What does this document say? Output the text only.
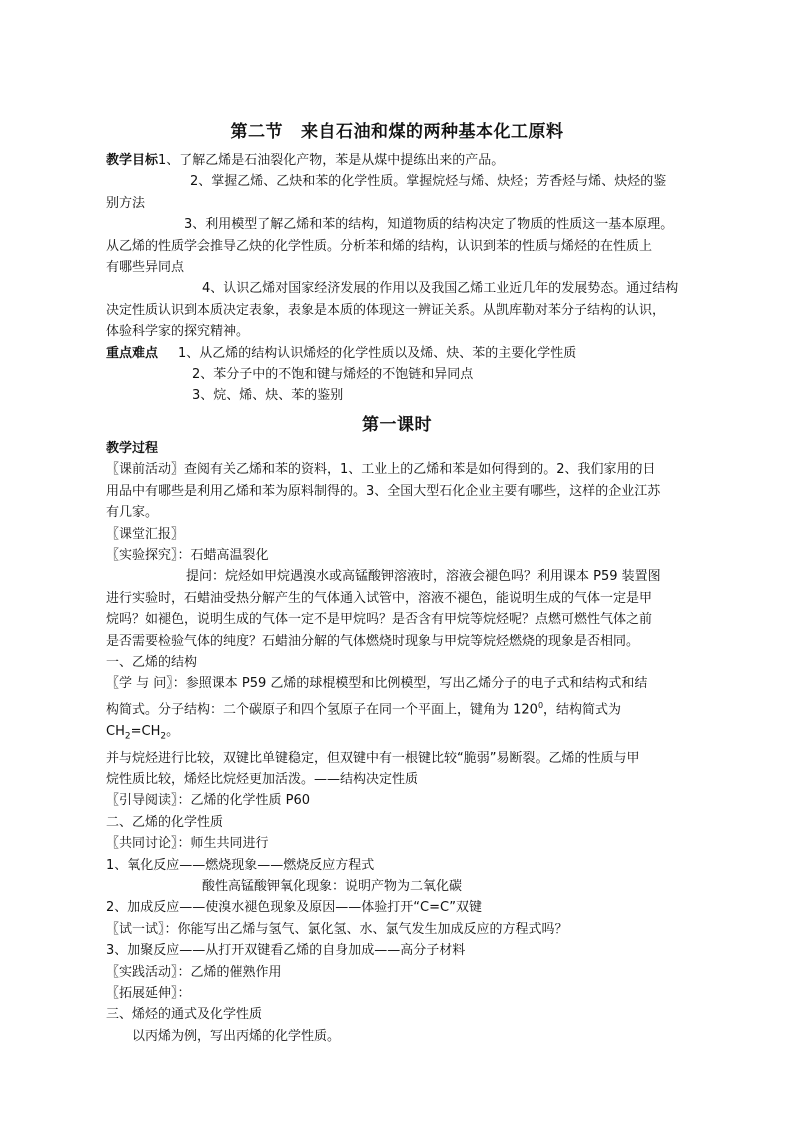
第二节 来自石油和煤的两种基本化工原料

教学目标1、了解乙烯是石油裂化产物，苯是从煤中提练出来的产品。

2、掌握乙烯、乙炔和苯的化学性质。掌握烷烃与烯、炔烃；芳香烃与烯、炔烃的鉴

别方法

3、利用模型了解乙烯和苯的结构，知道物质的结构决定了物质的性质这一基本原理。

从乙烯的性质学会推导乙炔的化学性质。分析苯和烯的结构，认识到苯的性质与烯烃的在性质上

有哪些异同点

4、认识乙烯对国家经济发展的作用以及我国乙烯工业近几年的发展势态。通过结构

决定性质认识到本质决定表象，表象是本质的体现这一辨证关系。从凯库勒对苯分子结构的认识，

体验科学家的探究精神。

重点难点 1、从乙烯的结构认识烯烃的化学性质以及烯、炔、苯的主要化学性质

2、苯分子中的不饱和键与烯烃的不饱链和异同点

3、烷、烯、炔、苯的鉴别

第一课时

教学过程

〖课前活动〗查阅有关乙烯和苯的资料，1、工业上的乙烯和苯是如何得到的。2、我们家用的日

用品中有哪些是利用乙烯和苯为原料制得的。3、全国大型石化企业主要有哪些，这样的企业江苏

有几家。

〖课堂汇报〗

〖实验探究〗：石蜡高温裂化

提问：烷烃如甲烷遇溴水或高锰酸钾溶液时，溶液会褪色吗？利用课本 P59 装置图

进行实验时，石蜡油受热分解产生的气体通入试管中，溶液不褪色，能说明生成的气体一定是甲

烷吗？如褪色，说明生成的气体一定不是甲烷吗？是否含有甲烷等烷烃呢？点燃可燃性气体之前

是否需要检验气体的纯度？石蜡油分解的气体燃烧时现象与甲烷等烷烃燃烧的现象是否相同。

一、乙烯的结构

〖学 与 问〗：参照课本 P59 乙烯的球棍模型和比例模型，写出乙烯分子的电子式和结构式和结

构简式。分子结构：二个碳原子和四个氢原子在同一个平面上，键角为 $120^0$，结构简式为

$CH_2=CH_2$。

并与烷烃进行比较，双键比单键稳定，但双键中有一根键比较“脆弱”易断裂。乙烯的性质与甲

烷性质比较，烯烃比烷烃更加活泼。——结构决定性质

〖引导阅读〗：乙烯的化学性质 P60

二、乙烯的化学性质

〖共同讨论〗：师生共同进行

1、氧化反应——燃烧现象——燃烧反应方程式

酸性高锰酸钾氧化现象：说明产物为二氧化碳

2、加成反应——使溴水褪色现象及原因——体验打开“C=C”双键

〖试一试〗：你能写出乙烯与氢气、氯化氢、水、氯气发生加成反应的方程式吗？

3、加聚反应——从打开双键看乙烯的自身加成——高分子材料

〖实践活动〗：乙烯的催熟作用

〖拓展延伸〗：

三、烯烃的通式及化学性质

以丙烯为例，写出丙烯的化学性质。
